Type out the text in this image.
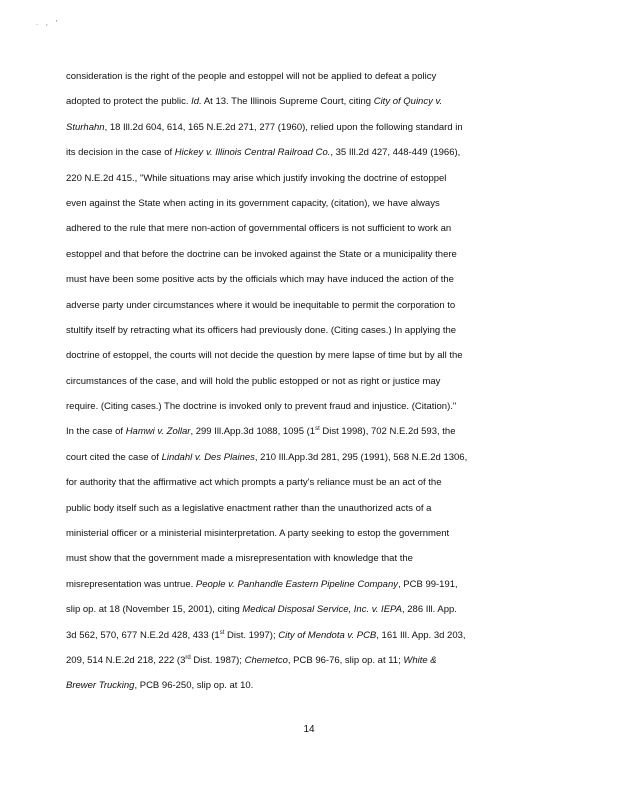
. , '
consideration is the right of the people and estoppel will not be applied to defeat a policy
adopted to protect the public. Id. At 13. The Illinois Supreme Court, citing City of Quincy v.
Sturhahn, 18 Ill.2d 604, 614, 165 N.E.2d 271, 277 (1960), relied upon the following standard in
its decision in the case of Hickey v. Illinois Central Railroad Co., 35 Ill.2d 427, 448-449 (1966),
220 N.E.2d 415., "While situations may arise which justify invoking the doctrine of estoppel
even against the State when acting in its government capacity, (citation), we have always
adhered to the rule that mere non-action of governmental officers is not sufficient to work an
estoppel and that before the doctrine can be invoked against the State or a municipality there
must have been some positive acts by the officials which may have induced the action of the
adverse party under circumstances where it would be inequitable to permit the corporation to
stultify itself by retracting what its officers had previously done. (Citing cases.) In applying the
doctrine of estoppel, the courts will not decide the question by mere lapse of time but by all the
circumstances of the case, and will hold the public estopped or not as right or justice may
require. (Citing cases.) The doctrine is invoked only to prevent fraud and injustice. (Citation)."
In the case of Hamwi v. Zollar, 299 Ill.App.3d 1088, 1095 (1st Dist 1998), 702 N.E.2d 593, the
court cited the case of Lindahl v. Des Plaines, 210 Ill.App.3d 281, 295 (1991), 568 N.E.2d 1306,
for authority that the affirmative act which prompts a party's reliance must be an act of the
public body itself such as a legislative enactment rather than the unauthorized acts of a
ministerial officer or a ministerial misinterpretation. A party seeking to estop the government
must show that the government made a misrepresentation with knowledge that the
misrepresentation was untrue. People v. Panhandle Eastern Pipeline Company, PCB 99-191,
slip op. at 18 (November 15, 2001), citing Medical Disposal Service, Inc. v. IEPA, 286 Ill. App.
3d 562, 570, 677 N.E.2d 428, 433 (1st Dist. 1997); City of Mendota v. PCB, 161 Ill. App. 3d 203,
209, 514 N.E.2d 218, 222 (3rd Dist. 1987); Chemetco, PCB 96-76, slip op. at 11; White &
Brewer Trucking, PCB 96-250, slip op. at 10.
14
